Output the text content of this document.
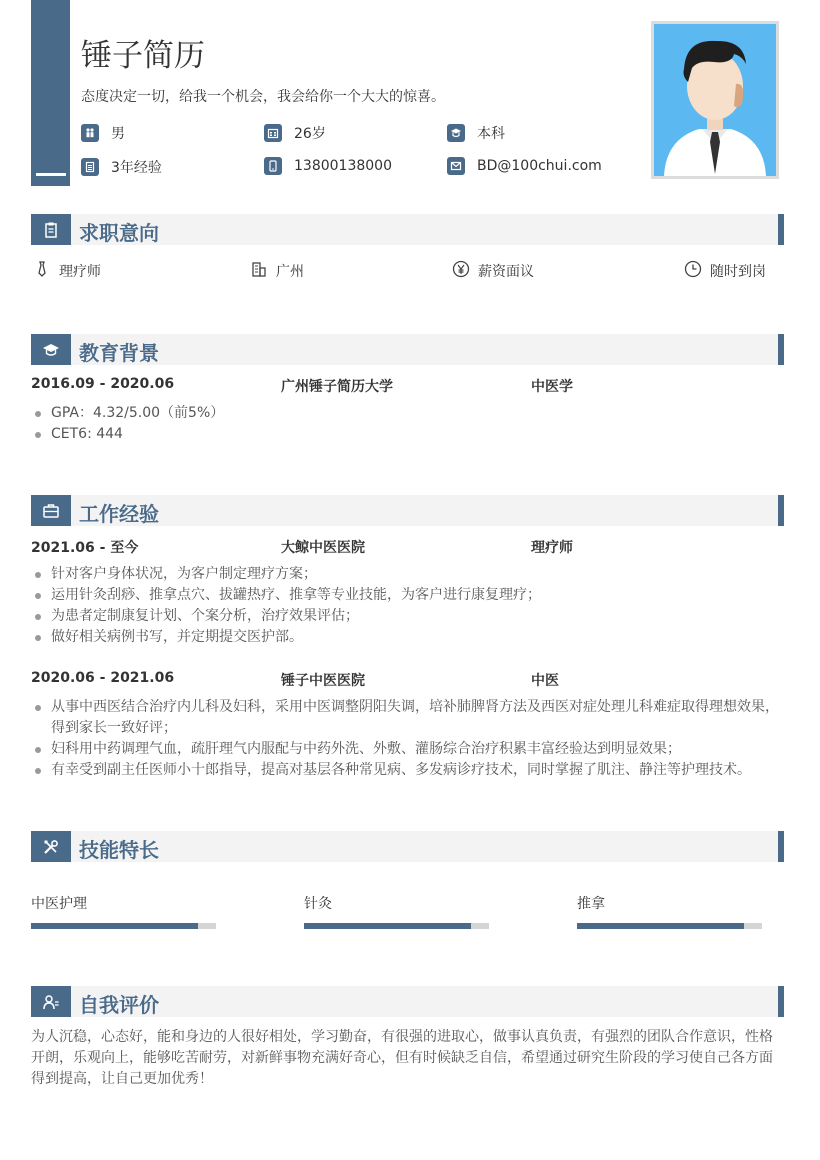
锤子简历
态度决定一切，给我一个机会，我会给你一个大大的惊喜。
男	26岁	本科
3年经验	13800138000	BD@100chui.com
求职意向
理疗师	广州	薪资面议	随时到岗
教育背景
2016.09 - 2020.06	广州锤子简历大学	中医学
GPA：4.32/5.00（前5%）
CET6: 444
工作经验
2021.06 - 至今	大鲸中医医院	理疗师
针对客户身体状况，为客户制定理疗方案；
运用针灸刮痧、推拿点穴、拔罐热疗、推拿等专业技能，为客户进行康复理疗；
为患者定制康复计划、个案分析，治疗效果评估；
做好相关病例书写，并定期提交医护部。
2020.06 - 2021.06	锤子中医医院	中医
从事中西医结合治疗内儿科及妇科，采用中医调整阴阳失调，培补肺脾肾方法及西医对症处理儿科难症取得理想效果，得到家长一致好评；
妇科用中药调理气血，疏肝理气内服配与中药外洗、外敷、灌肠综合治疗积累丰富经验达到明显效果；
有幸受到副主任医师小十郎指导，提高对基层各种常见病、多发病诊疗技术，同时掌握了肌注、静注等护理技术。
技能特长
中医护理	针灸	推拿
自我评价
为人沉稳，心态好，能和身边的人很好相处，学习勤奋，有很强的进取心，做事认真负责，有强烈的团队合作意识，性格开朗，乐观向上，能够吃苦耐劳，对新鲜事物充满好奇心，但有时候缺乏自信，希望通过研究生阶段的学习使自己各方面得到提高，让自己更加优秀！
